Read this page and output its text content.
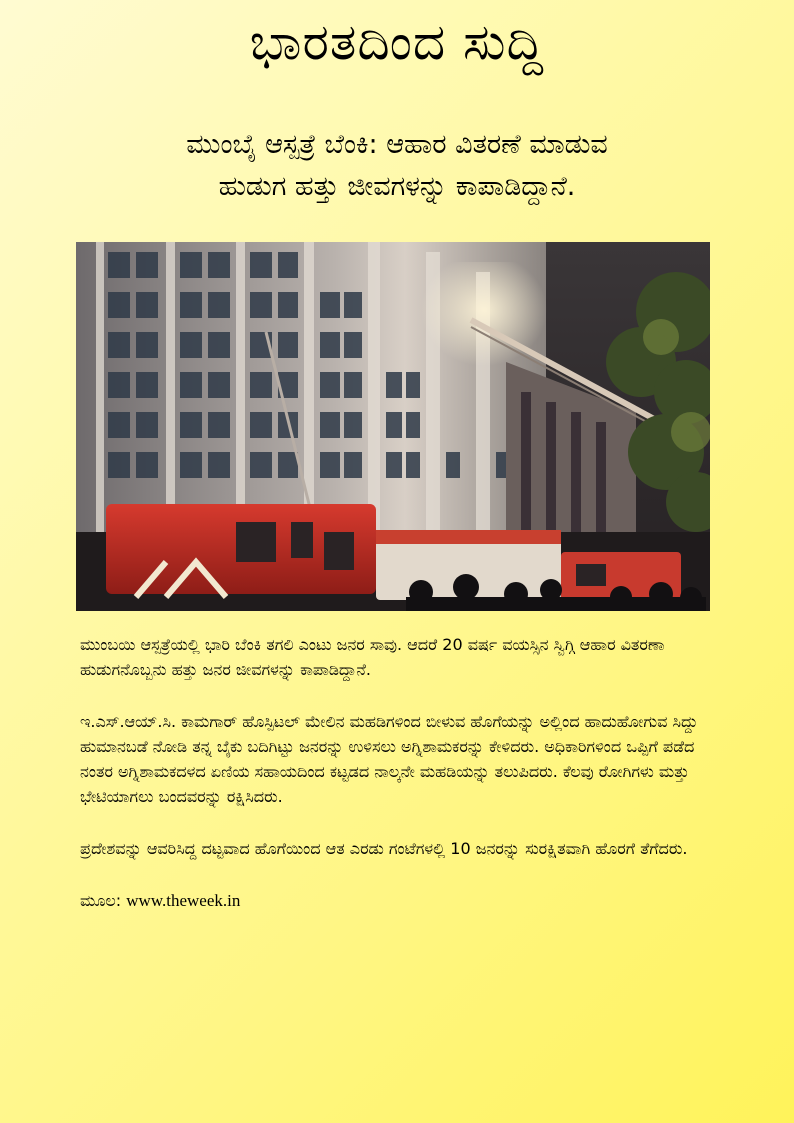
ಭಾರತದಿಂದ ಸುದ್ದಿ
ಮುಂಬೈ ಆಸ್ಪತ್ರೆ ಬೆಂಕಿ: ಆಹಾರ ವಿತರಣೆ ಮಾಡುವ
ಹುಡುಗ ಹತ್ತು ಜೀವಗಳನ್ನು ಕಾಪಾಡಿದ್ದಾನೆ.

ಮುಂಬಯಿ ಆಸ್ಪತ್ರೆಯಲ್ಲಿ ಭಾರಿ ಬೆಂಕಿ ತಗಲಿ ಎಂಟು ಜನರ ಸಾವು. ಆದರೆ 20 ವರ್ಷ ವಯಸ್ಸಿನ ಸ್ವಿಗ್ಗಿ ಆಹಾರ ವಿತರಣಾ ಹುಡುಗನೊಬ್ಬನು ಹತ್ತು ಜನರ ಜೀವಗಳನ್ನು ಕಾಪಾಡಿದ್ದಾನೆ.

ಇ.ಎಸ್.ಆಯ್.ಸಿ. ಕಾಮಗಾರ್ ಹೊಸ್ಪಿಟಲ್ ಮೇಲಿನ ಮಹಡಿಗಳಿಂದ ಬೀಳುವ ಹೊಗೆಯನ್ನು ಅಲ್ಲಿಂದ ಹಾದುಹೋಗುವ ಸಿದ್ದು ಹುಮಾನಬಡೆ ನೋಡಿ ತನ್ನ ಬೈಕು ಬದಿಗಿಟ್ಟು ಜನರನ್ನು ಉಳಿಸಲು ಅಗ್ನಿಶಾಮಕರನ್ನು ಕೇಳಿದರು. ಅಧಿಕಾರಿಗಳಿಂದ ಒಪ್ಪಿಗೆ ಪಡೆದ ನಂತರ ಅಗ್ನಿಶಾಮಕದಳದ ಏಣಿಯ ಸಹಾಯದಿಂದ ಕಟ್ಟಡದ ನಾಲ್ಕನೇ ಮಹಡಿಯನ್ನು ತಲುಪಿದರು. ಕೆಲವು ರೋಗಿಗಳು ಮತ್ತು ಭೇಟಿಯಾಗಲು ಬಂದವರನ್ನು ರಕ್ಷಿಸಿದರು.

ಪ್ರದೇಶವನ್ನು ಆವರಿಸಿದ್ದ ದಟ್ಟವಾದ ಹೊಗೆಯಿಂದ ಆತ ಎರಡು ಗಂಟೆಗಳಲ್ಲಿ 10 ಜನರನ್ನು ಸುರಕ್ಷಿತವಾಗಿ ಹೊರಗೆ ತೆಗೆದರು.

ಮೂಲ: www.theweek.in
